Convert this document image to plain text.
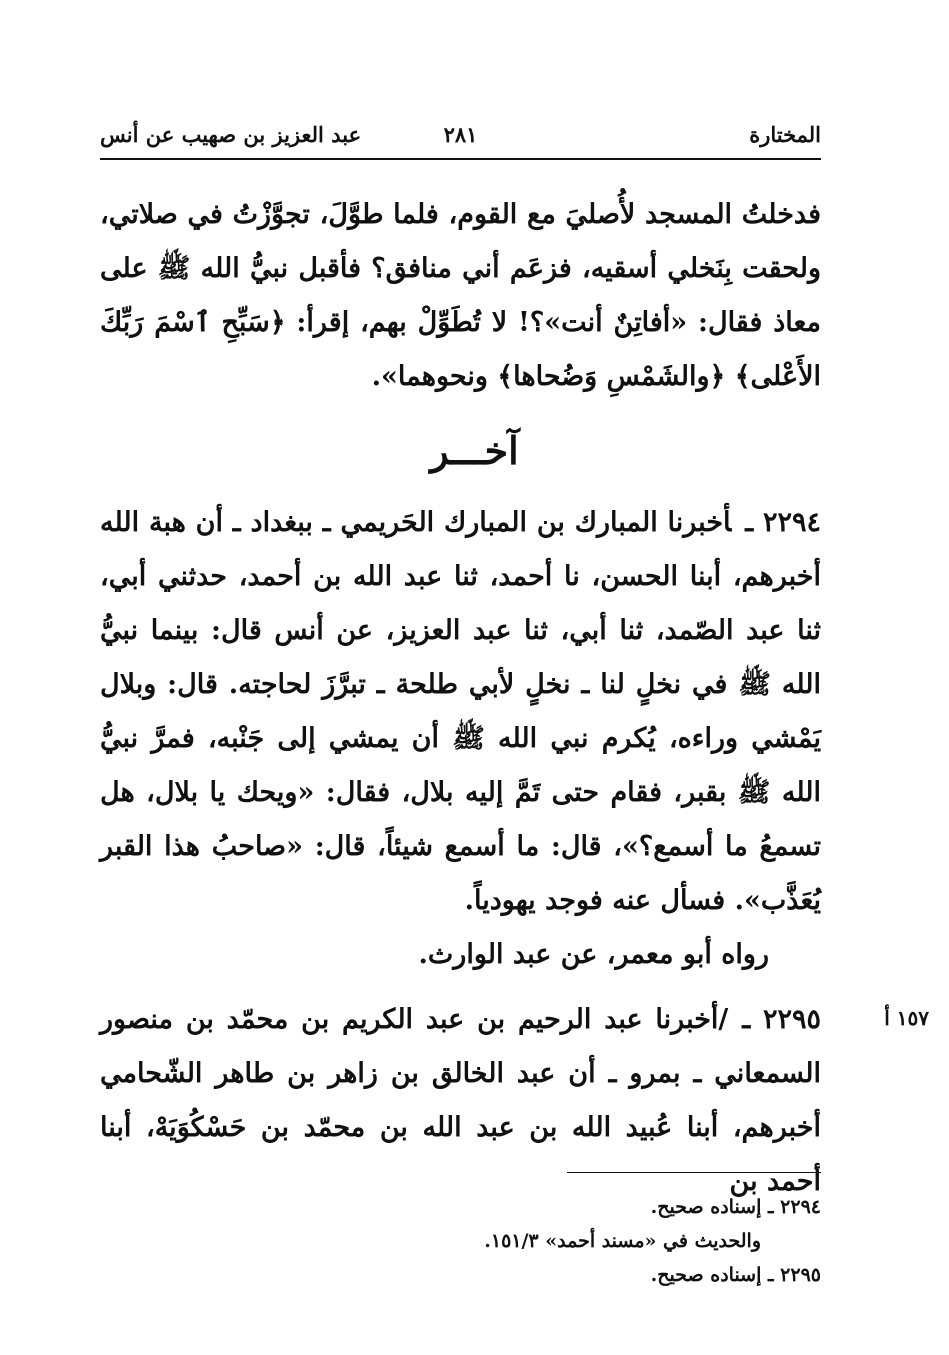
المختارة
٢٨١
عبد العزيز بن صهيب عن أنس
فدخلتُ المسجد لأُصليَ مع القوم، فلما طوَّلَ، تجوَّزْتُ في صلاتي، ولحقت بِنَخلي أسقيه، فزعَم أني منافق؟ فأقبل نبيُّ الله ﷺ على معاذ فقال: «أفاتِنٌ أنت»؟! لا تُطَوِّلْ بهم، إقرأ: ﴿سَبِّحِ ٱسْمَ رَبِّكَ الأَعْلى﴾ ﴿والشَمْسِ وَضُحاها﴾ ونحوهما».
آخـــر
٢٢٩٤ ـأخبرنا المبارك بن المبارك الحَريمي ـ ببغداد ـ أن هبة الله أخبرهم، أبنا الحسن، نا أحمد، ثنا عبد الله بن أحمد، حدثني أبي، ثنا عبد الصّمد، ثنا أبي، ثنا عبد العزيز، عن أنس قال: بينما نبيُّ الله ﷺ في نخلٍ لنا ـ نخلٍ لأبي طلحة ـ تبرَّزَ لحاجته. قال: وبلال يَمْشي وراءه، يُكرم نبي الله ﷺ أن يمشي إلى جَنْبه، فمرَّ نبيُّ الله ﷺ بقبر، فقام حتى تَمَّ إليه بلال، فقال: «ويحك يا بلال، هل تسمعُ ما أسمع؟»، قال: ما أسمع شيئاً، قال: «صاحبُ هذا القبر يُعَذَّب». فسأل عنه فوجد يهودياً.
رواه أبو معمر، عن عبد الوارث.
٢٢٩٥ ـ/أخبرنا عبد الرحيم بن عبد الكريم بن محمّد بن منصور السمعاني ـ بمرو ـ أن عبد الخالق بن زاهر بن طاهر الشّحامي أخبرهم، أبنا عُبيد الله بن عبد الله بن محمّد بن حَسْكُوَيَهْ، أبنا أحمد بن
١٥٧ أ
٢٢٩٤ ـ إسناده صحيح.
والحديث في «مسند أحمد» ١٥١/٣.
٢٢٩٥ ـ إسناده صحيح.
